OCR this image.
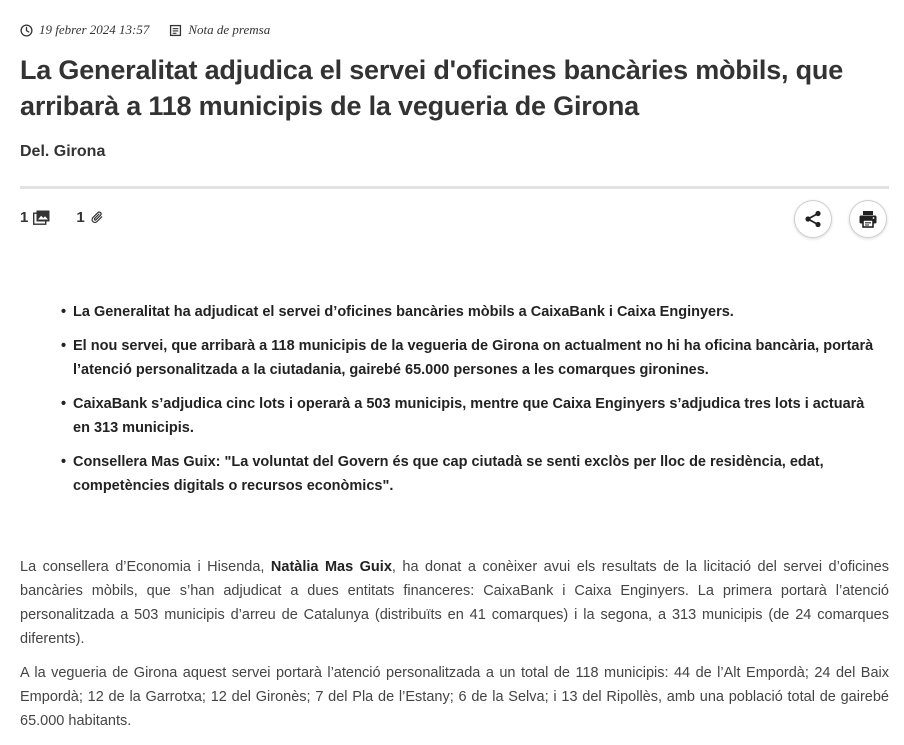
19 febrer 2024 13:57	Nota de premsa
La Generalitat adjudica el servei d'oficines bancàries mòbils, que arribarà a 118 municipis de la vegueria de Girona
Del. Girona
1	1
• La Generalitat ha adjudicat el servei d’oficines bancàries mòbils a CaixaBank i Caixa Enginyers.
• El nou servei, que arribarà a 118 municipis de la vegueria de Girona on actualment no hi ha oficina bancària, portarà l’atenció personalitzada a la ciutadania, gairebé 65.000 persones a les comarques gironines.
• CaixaBank s’adjudica cinc lots i operarà a 503 municipis, mentre que Caixa Enginyers s’adjudica tres lots i actuarà en 313 municipis.
• Consellera Mas Guix: "La voluntat del Govern és que cap ciutadà se senti exclòs per lloc de residència, edat, competències digitals o recursos econòmics".

La consellera d’Economia i Hisenda, Natàlia Mas Guix, ha donat a conèixer avui els resultats de la licitació del servei d’oficines bancàries mòbils, que s’han adjudicat a dues entitats financeres: CaixaBank i Caixa Enginyers. La primera portarà l’atenció personalitzada a 503 municipis d’arreu de Catalunya (distribuïts en 41 comarques) i la segona, a 313 municipis (de 24 comarques diferents).

A la vegueria de Girona aquest servei portarà l’atenció personalitzada a un total de 118 municipis: 44 de l’Alt Empordà; 24 del Baix Empordà; 12 de la Garrotxa; 12 del Gironès; 7 del Pla de l’Estany; 6 de la Selva; i 13 del Ripollès, amb una població total de gairebé 65.000 habitants.
